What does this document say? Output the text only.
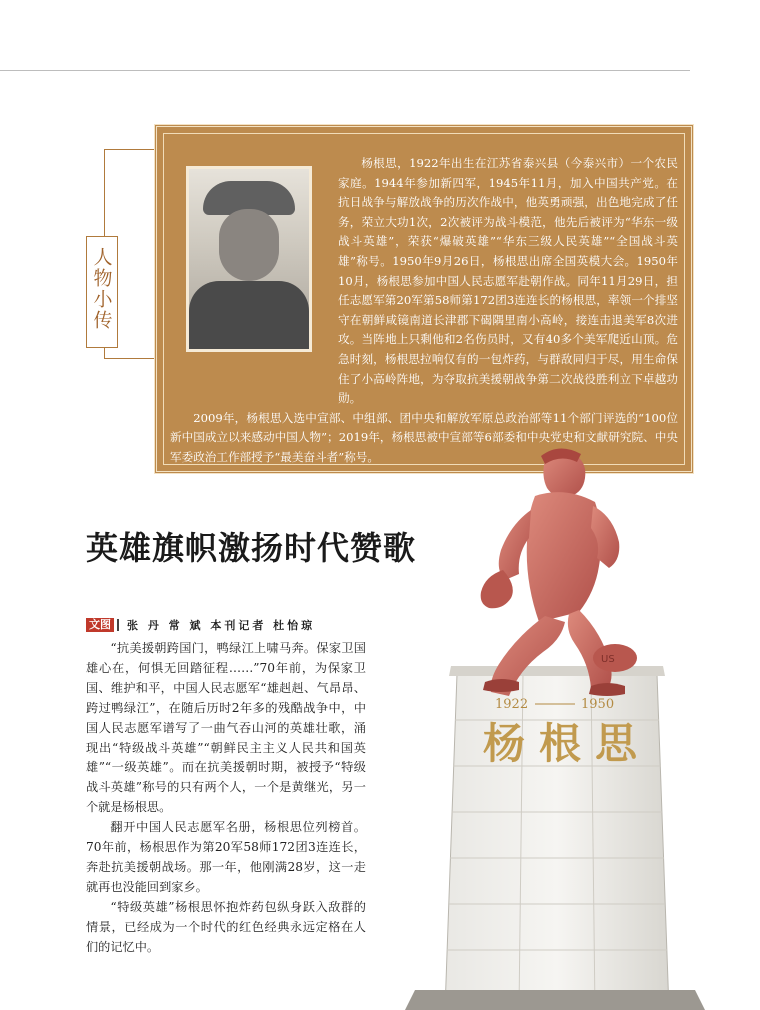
人物小传

杨根思，1922年出生在江苏省泰兴县（今泰兴市）一个农民家庭。1944年参加新四军，1945年11月，加入中国共产党。在抗日战争与解放战争的历次作战中，他英勇顽强，出色地完成了任务，荣立大功1次，2次被评为战斗模范，他先后被评为“华东一级战斗英雄”，荣获“爆破英雄”“华东三级人民英雄”“全国战斗英雄”称号。1950年9月26日，杨根思出席全国英模大会。1950年10月，杨根思参加中国人民志愿军赴朝作战。同年11月29日，担任志愿军第20军第58师第172团3连连长的杨根思，率领一个排坚守在朝鲜咸镜南道长津郡下碣隅里南小高岭，接连击退美军8次进攻。当阵地上只剩他和2名伤员时，又有40多个美军爬近山顶。危急时刻，杨根思拉响仅有的一包炸药，与群敌同归于尽，用生命保住了小高岭阵地，为夺取抗美援朝战争第二次战役胜利立下卓越功勋。

2009年，杨根思入选中宣部、中组部、团中央和解放军原总政治部等11个部门评选的“100位新中国成立以来感动中国人物”；2019年，杨根思被中宣部等6部委和中央党史和文献研究院、中央军委政治工作部授予“最美奋斗者”称号。

英雄旗帜激扬时代赞歌
文图 张 丹 常 斌 本刊记者 杜怡琼

“抗美援朝跨国门，鸭绿江上啸马奔。保家卫国雄心在，何惧无回踏征程……”70年前，为保家卫国、维护和平，中国人民志愿军“雄赳赳、气昂昂、跨过鸭绿江”，在随后历时2年多的残酷战争中，中国人民志愿军谱写了一曲气吞山河的英雄壮歌，涌现出“特级战斗英雄”“朝鲜民主主义人民共和国英雄”“一级英雄”。而在抗美援朝时期，被授予“特级战斗英雄”称号的只有两个人，一个是黄继光，另一个就是杨根思。

翻开中国人民志愿军名册，杨根思位列榜首。70年前，杨根思作为第20军58师172团3连连长，奔赴抗美援朝战场。那一年，他刚满28岁，这一走就再也没能回到家乡。

“特级英雄”杨根思怀抱炸药包纵身跃入敌群的情景，已经成为一个时代的红色经典永远定格在人们的记忆中。

1922	1950
杨根思
US
